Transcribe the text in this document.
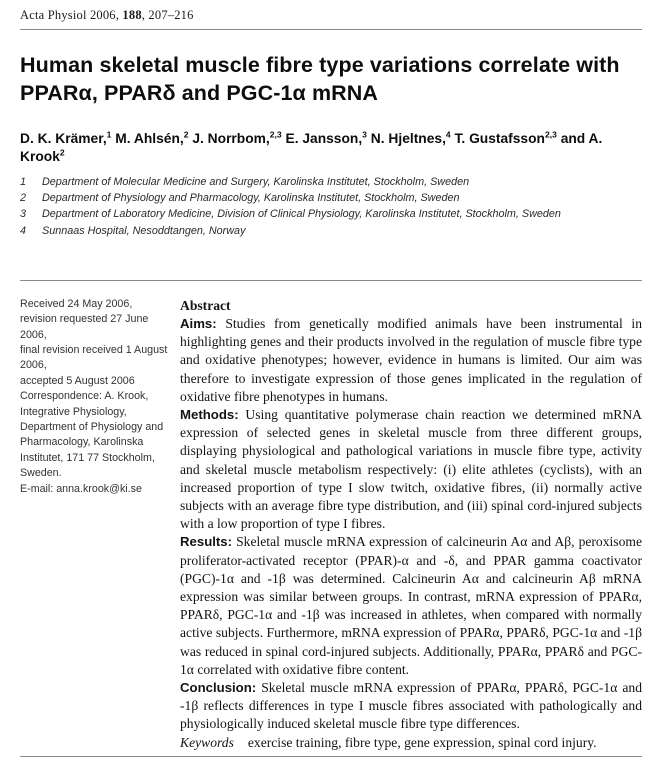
Acta Physiol 2006, 188, 207–216
Human skeletal muscle fibre type variations correlate with
PPARα, PPARδ and PGC-1α mRNA
D. K. Krämer,$^1$ M. Ahlsén,$^2$ J. Norrbom,$^{2,3}$ E. Jansson,$^3$ N. Hjeltnes,$^4$ T. Gustafsson$^{2,3}$ and A. Krook$^2$
1	Department of Molecular Medicine and Surgery, Karolinska Institutet, Stockholm, Sweden
2	Department of Physiology and Pharmacology, Karolinska Institutet, Stockholm, Sweden
3	Department of Laboratory Medicine, Division of Clinical Physiology, Karolinska Institutet, Stockholm, Sweden
4	Sunnaas Hospital, Nesoddtangen, Norway

Received 24 May 2006,

revision requested 27 June 2006,

final revision received 1 August 2006,

accepted 5 August 2006

Correspondence: A. Krook, Integrative Physiology, Department of Physiology and Pharmacology, Karolinska Institutet, 171 77 Stockholm, Sweden.

E-mail: anna.krook@ki.se

Abstract

Aims: Studies from genetically modified animals have been instrumental in highlighting genes and their products involved in the regulation of muscle fibre type and oxidative phenotypes; however, evidence in humans is limited. Our aim was therefore to investigate expression of those genes implicated in the regulation of oxidative fibre phenotypes in humans.

Methods: Using quantitative polymerase chain reaction we determined mRNA expression of selected genes in skeletal muscle from three different groups, displaying physiological and pathological variations in muscle fibre type, activity and skeletal muscle metabolism respectively: (i) elite athletes (cyclists), with an increased proportion of type I slow twitch, oxidative fibres, (ii) normally active subjects with an average fibre type distribution, and (iii) spinal cord-injured subjects with a low proportion of type I fibres.

Results: Skeletal muscle mRNA expression of calcineurin Aα and Aβ, peroxisome proliferator-activated receptor (PPAR)-α and -δ, and PPAR gamma coactivator (PGC)-1α and -1β was determined. Calcineurin Aα and calcineurin Aβ mRNA expression was similar between groups. In contrast, mRNA expression of PPARα, PPARδ, PGC-1α and -1β was increased in athletes, when compared with normally active subjects. Furthermore, mRNA expression of PPARα, PPARδ, PGC-1α and -1β was reduced in spinal cord-injured subjects. Additionally, PPARα, PPARδ and PGC-1α correlated with oxidative fibre content.

Conclusion: Skeletal muscle mRNA expression of PPARα, PPARδ, PGC-1α and -1β reflects differences in type I muscle fibres associated with pathologically and physiologically induced skeletal muscle fibre type differences.

Keywords exercise training, fibre type, gene expression, spinal cord injury.
